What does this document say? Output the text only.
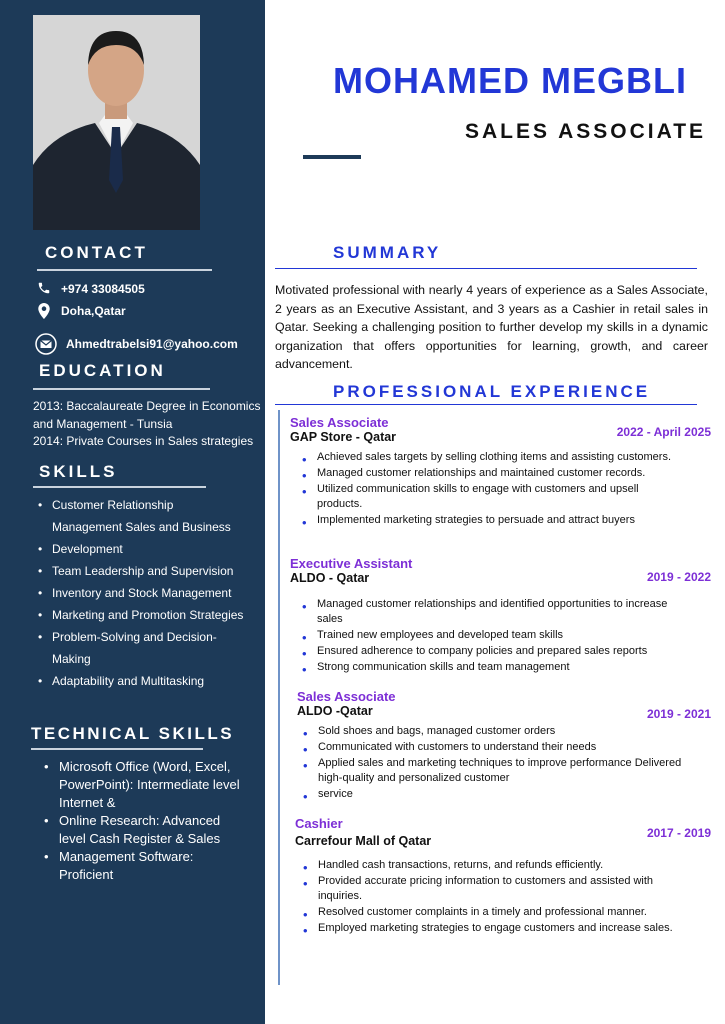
CONTACT
+974 33084505
Doha,Qatar
Ahmedtrabelsi91@yahoo.com
EDUCATION
2013: Baccalaureate Degree in Economics and Management - Tunsia
2014: Private Courses in Sales strategies
SKILLS
• Customer Relationship Management Sales and Business
• Development
• Team Leadership and Supervision
• Inventory and Stock Management
• Marketing and Promotion Strategies
• Problem-Solving and Decision-Making
• Adaptability and Multitasking
TECHNICAL SKILLS
• Microsoft Office (Word, Excel, PowerPoint): Intermediate level Internet &
• Online Research: Advanced level Cash Register & Sales
• Management Software: Proficient
MOHAMED MEGBLI
SALES ASSOCIATE
SUMMARY

Motivated professional with nearly 4 years of experience as a Sales Associate, 2 years as an Executive Assistant, and 3 years as a Cashier in retail sales in Qatar. Seeking a challenging position to further develop my skills in a dynamic organization that offers opportunities for learning, growth, and career advancement.

PROFESSIONAL EXPERIENCE

Sales Associate

GAP Store - Qatar	2022 - April 2025
• Achieved sales targets by selling clothing items and assisting customers.
• Managed customer relationships and maintained customer records.
• Utilized communication skills to engage with customers and upsell products.
• Implemented marketing strategies to persuade and attract buyers

Executive Assistant

ALDO - Qatar	2019 - 2022
• Managed customer relationships and identified opportunities to increase sales
• Trained new employees and developed team skills
• Ensured adherence to company policies and prepared sales reports
• Strong communication skills and team management

Sales Associate

ALDO -Qatar	2019 - 2021
• Sold shoes and bags, managed customer orders
• Communicated with customers to understand their needs
• Applied sales and marketing techniques to improve performance Delivered high-quality and personalized customer
• service

Cashier

Carrefour Mall of Qatar

2017 - 2019
• Handled cash transactions, returns, and refunds efficiently.
• Provided accurate pricing information to customers and assisted with inquiries.
• Resolved customer complaints in a timely and professional manner.
• Employed marketing strategies to engage customers and increase sales.
